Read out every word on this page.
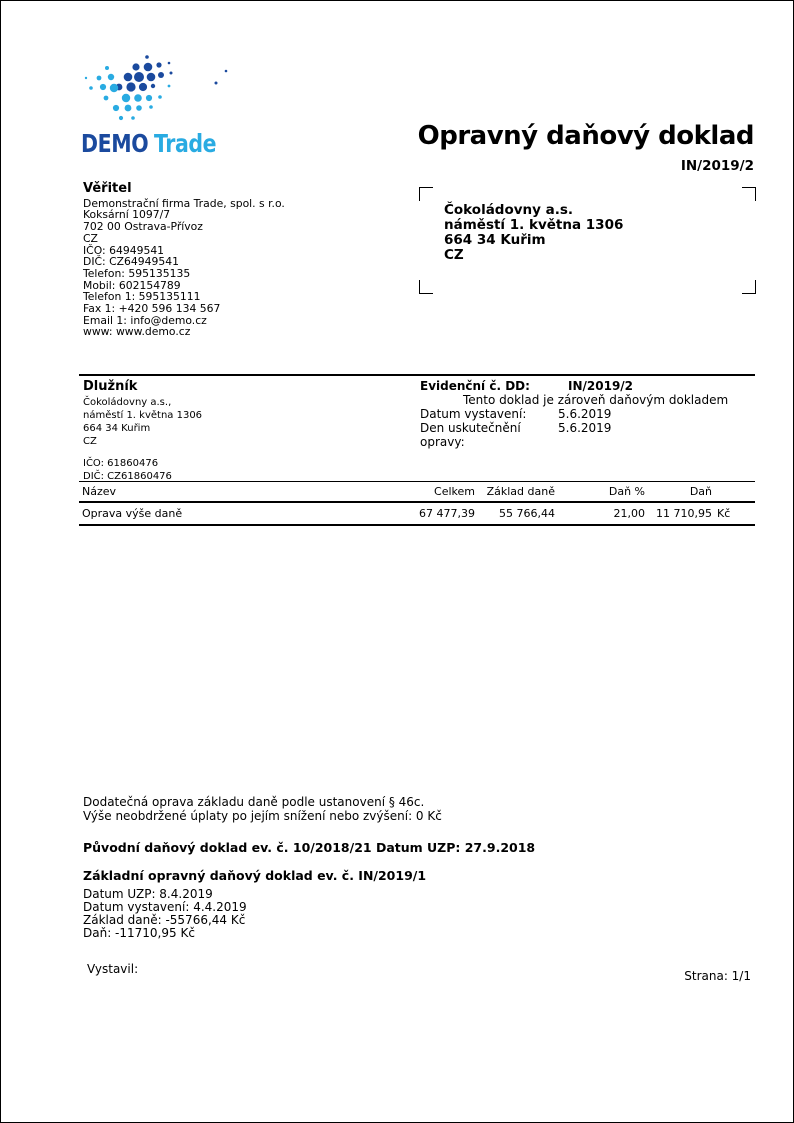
DEMO Trade	Opravný daňový doklad
IN/2019/2
Věřitel
Demonstrační firma Trade, spol. s r.o.
Koksární 1097/7
702 00 Ostrava-Přívoz
CZ
IČO: 64949541
DIČ: CZ64949541
Telefon: 595135135
Mobil: 602154789
Telefon 1: 595135111
Fax 1: +420 596 134 567
Email 1: info@demo.cz
www: www.demo.cz
Čokoládovny a.s.
náměstí 1. května 1306
664 34 Kuřim
CZ
Dlužník
Čokoládovny a.s.,
náměstí 1. května 1306
664 34 Kuřim
CZ
IČO: 61860476
DIČ: CZ61860476
Evidenční č. DD:	IN/2019/2
Tento doklad je zároveň daňovým dokladem
Datum vystavení:	5.6.2019
Den uskutečnění opravy:
5.6.2019
Název	Celkem	Základ daně	Daň %	Daň
Oprava výše daně	67 477,39	55 766,44	21,00	11 710,95 Kč
Dodatečná oprava základu daně podle ustanovení § 46c.
Výše neobdržené úplaty po jejím snížení nebo zvýšení: 0 Kč
Původní daňový doklad ev. č. 10/2018/21 Datum UZP: 27.9.2018
Základní opravný daňový doklad ev. č. IN/2019/1
Datum UZP: 8.4.2019
Datum vystavení: 4.4.2019
Základ daně: -55766,44 Kč
Daň: -11710,95 Kč
Vystavil:	Strana: 1/1
